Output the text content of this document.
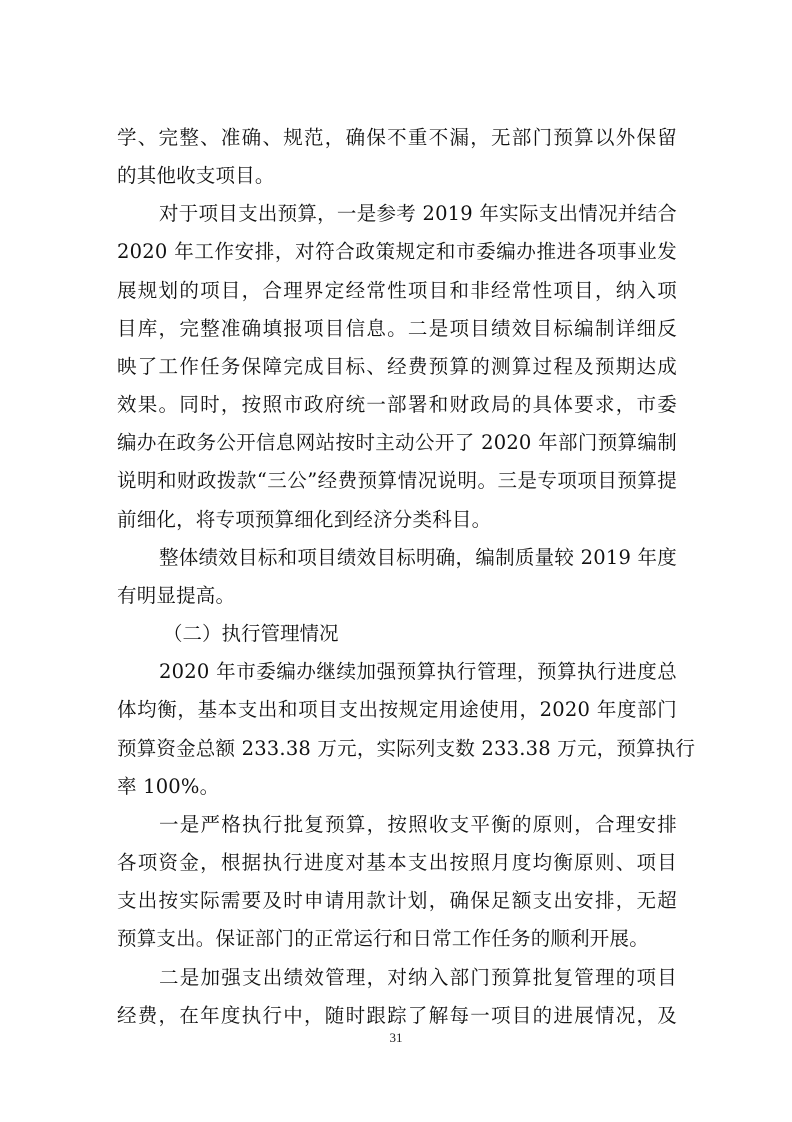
学、完整、准确、规范，确保不重不漏，无部门预算以外保留
的其他收支项目。
对于项目支出预算，一是参考 2019 年实际支出情况并结合
2020 年工作安排，对符合政策规定和市委编办推进各项事业发
展规划的项目，合理界定经常性项目和非经常性项目，纳入项
目库，完整准确填报项目信息。二是项目绩效目标编制详细反
映了工作任务保障完成目标、经费预算的测算过程及预期达成
效果。同时，按照市政府统一部署和财政局的具体要求，市委
编办在政务公开信息网站按时主动公开了 2020 年部门预算编制
说明和财政拨款“三公”经费预算情况说明。三是专项项目预算提
前细化，将专项预算细化到经济分类科目。
整体绩效目标和项目绩效目标明确，编制质量较 2019 年度
有明显提高。
（二）执行管理情况
2020 年市委编办继续加强预算执行管理，预算执行进度总
体均衡，基本支出和项目支出按规定用途使用，2020 年度部门
预算资金总额 233.38 万元，实际列支数 233.38 万元，预算执行
率 100%。
一是严格执行批复预算，按照收支平衡的原则，合理安排
各项资金，根据执行进度对基本支出按照月度均衡原则、项目
支出按实际需要及时申请用款计划，确保足额支出安排，无超
预算支出。保证部门的正常运行和日常工作任务的顺利开展。
二是加强支出绩效管理，对纳入部门预算批复管理的项目
经费，在年度执行中，随时跟踪了解每一项目的进展情况，及
31
